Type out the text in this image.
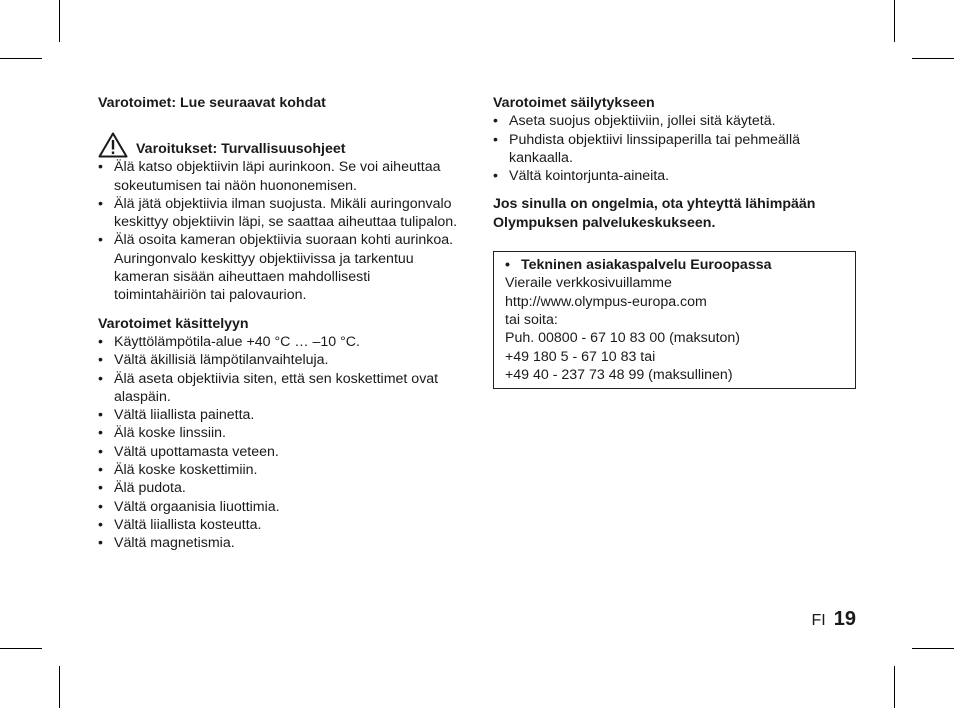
Varotoimet: Lue seuraavat kohdat

Varoitukset: Turvallisuusohjeet
• Älä katso objektiivin läpi aurinkoon. Se voi aiheuttaa sokeutumisen tai näön huononemisen.
• Älä jätä objektiivia ilman suojusta. Mikäli auringonvalo keskittyy objektiivin läpi, se saattaa aiheuttaa tulipalon.
• Älä osoita kameran objektiivia suoraan kohti aurinkoa. Auringonvalo keskittyy objektiivissa ja tarkentuu kameran sisään aiheuttaen mahdollisesti toimintahäiriön tai palovaurion.

Varotoimet käsittelyyn

• Käyttölämpötila-alue +40 °C … –10 °C.
• Vältä äkillisiä lämpötilanvaihteluja.
• Älä aseta objektiivia siten, että sen koskettimet ovat alaspäin.
• Vältä liiallista painetta.
• Älä koske linssiin.
• Vältä upottamasta veteen.
• Älä koske koskettimiin.
• Älä pudota.
• Vältä orgaanisia liuottimia.
• Vältä liiallista kosteutta.
• Vältä magnetismia.

Varotoimet säilytykseen

• Aseta suojus objektiiviin, jollei sitä käytetä.
• Puhdista objektiivi linssipaperilla tai pehmeällä kankaalla.
• Vältä kointorjunta-aineita.

Jos sinulla on ongelmia, ota yhteyttä lähimpään Olympuksen palvelukeskukseen.

• Tekninen asiakaspalvelu Euroopassa
Vieraile verkkosivuillamme
http://www.olympus-europa.com
tai soita:
Puh. 00800 - 67 10 83 00 (maksuton)
+49 180 5 - 67 10 83 tai
+49 40 - 237 73 48 99 (maksullinen)
FI 19
